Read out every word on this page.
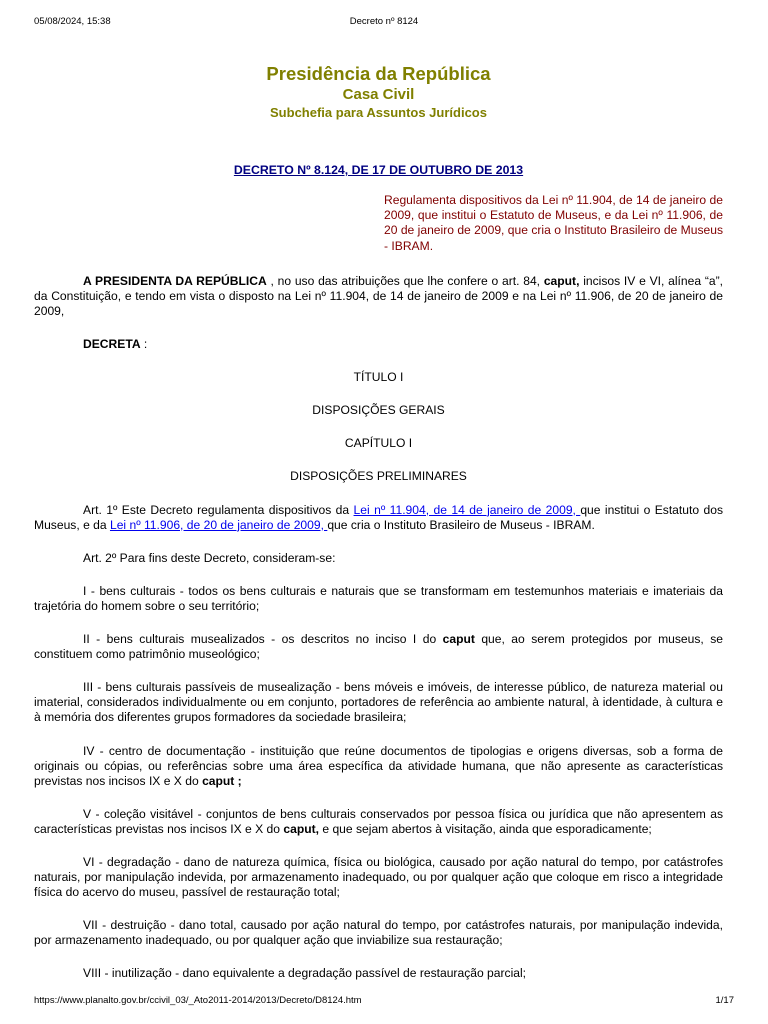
05/08/2024, 15:38	Decreto nº 8124
Presidência da República
Casa Civil
Subchefia para Assuntos Jurídicos
DECRETO Nº 8.124, DE 17 DE OUTUBRO DE 2013
Regulamenta dispositivos da Lei nº 11.904, de 14 de janeiro de 2009, que institui o Estatuto de Museus, e da Lei nº 11.906, de 20 de janeiro de 2009, que cria o Instituto Brasileiro de Museus - IBRAM.

A PRESIDENTA DA REPÚBLICA , no uso das atribuições que lhe confere o art. 84, caput, incisos IV e VI, alínea “a”, da Constituição, e tendo em vista o disposto na Lei nº 11.904, de 14 de janeiro de 2009 e na Lei nº 11.906, de 20 de janeiro de 2009,

DECRETA :

TÍTULO I

DISPOSIÇÕES GERAIS

CAPÍTULO I

DISPOSIÇÕES PRELIMINARES

Art. 1º Este Decreto regulamenta dispositivos da Lei nº 11.904, de 14 de janeiro de 2009, que institui o Estatuto dos Museus, e da Lei nº 11.906, de 20 de janeiro de 2009, que cria o Instituto Brasileiro de Museus - IBRAM.

Art. 2º Para fins deste Decreto, consideram-se:

I - bens culturais - todos os bens culturais e naturais que se transformam em testemunhos materiais e imateriais da trajetória do homem sobre o seu território;

II - bens culturais musealizados - os descritos no inciso I do caput que, ao serem protegidos por museus, se constituem como patrimônio museológico;

III - bens culturais passíveis de musealização - bens móveis e imóveis, de interesse público, de natureza material ou imaterial, considerados individualmente ou em conjunto, portadores de referência ao ambiente natural, à identidade, à cultura e à memória dos diferentes grupos formadores da sociedade brasileira;

IV - centro de documentação - instituição que reúne documentos de tipologias e origens diversas, sob a forma de originais ou cópias, ou referências sobre uma área específica da atividade humana, que não apresente as características previstas nos incisos IX e X do caput ;

V - coleção visitável - conjuntos de bens culturais conservados por pessoa física ou jurídica que não apresentem as características previstas nos incisos IX e X do caput, e que sejam abertos à visitação, ainda que esporadicamente;

VI - degradação - dano de natureza química, física ou biológica, causado por ação natural do tempo, por catástrofes naturais, por manipulação indevida, por armazenamento inadequado, ou por qualquer ação que coloque em risco a integridade física do acervo do museu, passível de restauração total;

VII - destruição - dano total, causado por ação natural do tempo, por catástrofes naturais, por manipulação indevida, por armazenamento inadequado, ou por qualquer ação que inviabilize sua restauração;

VIII - inutilização - dano equivalente a degradação passível de restauração parcial;

https://www.planalto.gov.br/ccivil_03/_Ato2011-2014/2013/Decreto/D8124.htm	1/17
